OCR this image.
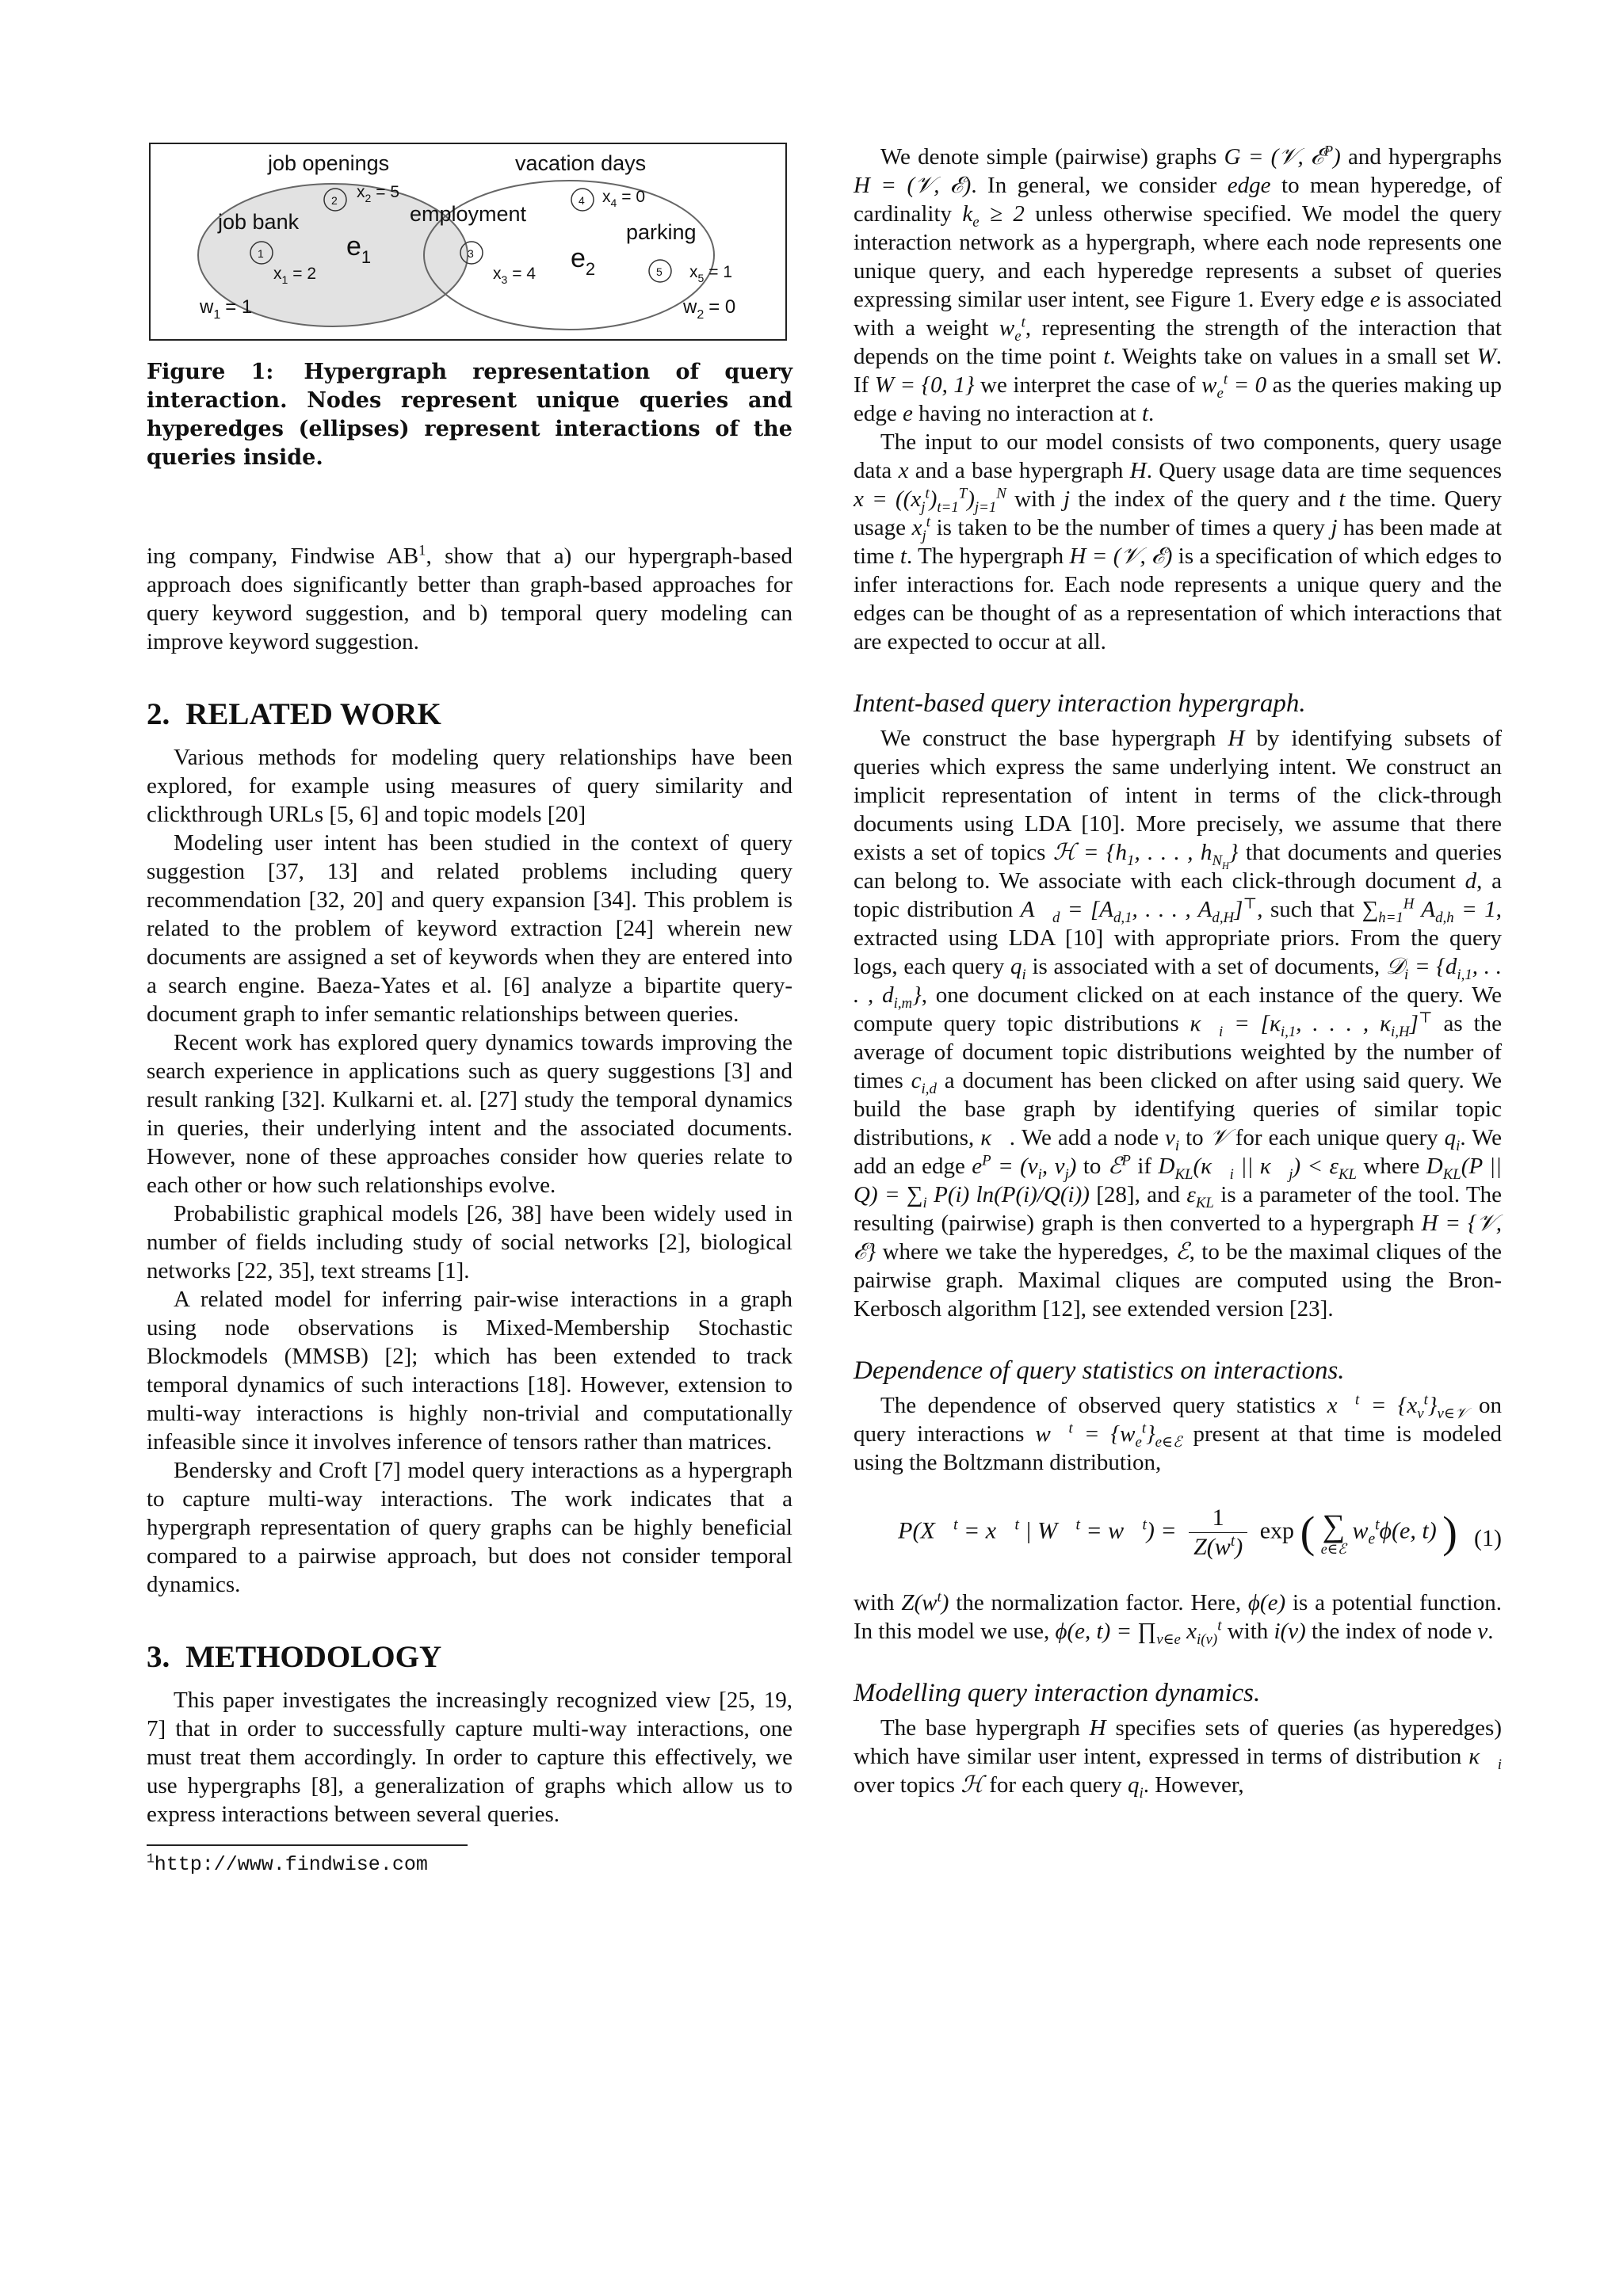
job openings	vacation days
job bank	employment
parking
2 $x_2 = 5$	4 $x_4 = 0$
1
$x_1 = 2$
3
$x_3 = 4$	5 $x_5 = 1$
$e_1$	$e_2$
$w_1 = 1$	$w_2 = 0$
Figure 1: Hypergraph representation of query interaction. Nodes represent unique queries and hyperedges (ellipses) represent interactions of the queries inside.

ing company, Findwise $AB^1$, show that a) our hypergraph-based approach does significantly better than graph-based approaches for query keyword suggestion, and b) temporal query modeling can improve keyword suggestion.

2. RELATED WORK

Various methods for modeling query relationships have been explored, for example using measures of query similarity and clickthrough URLs [5, 6] and topic models [20]

Modeling user intent has been studied in the context of query suggestion [37, 13] and related problems including query recommendation [32, 20] and query expansion [34]. This problem is related to the problem of keyword extraction [24] wherein new documents are assigned a set of keywords when they are entered into a search engine. Baeza-Yates et al. [6] analyze a bipartite query-document graph to infer semantic relationships between queries.

Recent work has explored query dynamics towards improving the search experience in applications such as query suggestions [3] and result ranking [32]. Kulkarni et. al. [27] study the temporal dynamics in queries, their underlying intent and the associated documents. However, none of these approaches consider how queries relate to each other or how such relationships evolve.

Probabilistic graphical models [26, 38] have been widely used in number of fields including study of social networks [2], biological networks [22, 35], text streams [1].

A related model for inferring pair-wise interactions in a graph using node observations is Mixed-Membership Stochastic Blockmodels (MMSB) [2]; which has been extended to track temporal dynamics of such interactions [18]. However, extension to multi-way interactions is highly non-trivial and computationally infeasible since it involves inference of tensors rather than matrices.

Bendersky and Croft [7] model query interactions as a hypergraph to capture multi-way interactions. The work indicates that a hypergraph representation of query graphs can be highly beneficial compared to a pairwise approach, but does not consider temporal dynamics.

3. METHODOLOGY

This paper investigates the increasingly recognized view [25, 19, 7] that in order to successfully capture multi-way interactions, one must treat them accordingly. In order to capture this effectively, we use hypergraphs [8], a generalization of graphs which allow us to express interactions between several queries.

$^1$http://www.findwise.com

We denote simple (pairwise) graphs G = (𝒱, ℰ$^P$) and hypergraphs H = (𝒱, ℰ). In general, we consider edge to mean hyperedge, of cardinality $k_e \ge 2$ unless otherwise specified. We model the query interaction network as a hypergraph, where each node represents one unique query, and each hyperedge represents a subset of queries expressing similar user intent, see Figure 1. Every edge e is associated with a weight $w_e^t$, representing the strength of the interaction that depends on the time point t. Weights take on values in a small set W. If W = {0, 1} we interpret the case of $w_e^t = 0$ as the queries making up edge e having no interaction at t.

The input to our model consists of two components, query usage data x and a base hypergraph H. Query usage data are time sequences $x = ((x_j^t)_{t=1}^T)_{j=1}^N$ with j the index of the query and t the time. Query usage $x_j^t$ is taken to be the number of times a query j has been made at time t. The hypergraph H = (𝒱, ℰ) is a specification of which edges to infer interactions for. Each node represents a unique query and the edges can be thought of as a representation of which interactions that are expected to occur at all.

Intent-based query interaction hypergraph.

We construct the base hypergraph H by identifying subsets of queries which express the same underlying intent. We construct an implicit representation of intent in terms of the click-through documents using LDA [10]. More precisely, we assume that there exists a set of topics ℋ = {$h_1$, . . . , $h_{N_H}$} that documents and queries can belong to. We associate with each click-through document d, a topic distribution $A⃗_d = [A_{d,1}$, . . . , $A_{d,H}]^⊤$, such that $\sum_{h=1}^H$ $A_{d,h} = 1$, extracted using LDA [10] with appropriate priors. From the query logs, each query $q_i$ is associated with a set of documents, 𝒟$_i$ = {$d_{i,1}$, . . . , $d_{i,m}$}, one document clicked on at each instance of the query. We compute query topic distributions $\kappa⃗_i = [\kappa_{i,1}$, . . . , $\kappa_{i,H}]^⊤$ as the average of document topic distributions weighted by the number of times $c_{i,d}$ a document has been clicked on after using said query. We build the base graph by identifying queries of similar topic distributions, κ⃗. We add a node $v_i$ to 𝒱 for each unique query $q_i$. We add an edge $e^P = (v_i$, $v_j$) to ℰ$^P$ if $D_{KL}(\kappa⃗_i$ || $\kappa⃗_j) < \varepsilon_{KL}$ where $D_{KL}(P$ || $Q) = \sum_i$ P(i) ln(P(i)/Q(i)) [28], and $\varepsilon_{KL}$ is a parameter of the tool. The resulting (pairwise) graph is then converted to a hypergraph H = {𝒱, ℰ} where we take the hyperedges, ℰ, to be the maximal cliques of the pairwise graph. Maximal cliques are computed using the Bron-Kerbosch algorithm [12], see extended version [23].

Dependence of query statistics on interactions.

The dependence of observed query statistics x⃗$^t$ = $\{x_v^t\}_{v\in 𝒱}$ on query interactions w⃗$^t$ = $\{w_e^t\}_{e\in ℰ}$ present at that time is modeled using the Boltzmann distribution,

P(X⃗$^t$ = x⃗$^t$ | W⃗$^t$ = w⃗$^t$) = $\frac{1}{Z(w^t)}$ exp ( ∑
e∈ℰ
$w_e^t\phi(e$, t) ) (1)

with $Z(w^t)$ the normalization factor. Here, ϕ(e) is a potential function. In this model we use, ϕ(e, $t) = \prod_{v\in e}$ $x_{i(v)}^t$ with i(v) the index of node v.

Modelling query interaction dynamics.

The base hypergraph H specifies sets of queries (as hyperedges) which have similar user intent, expressed in terms of distribution $\kappa⃗_i$ over topics ℋ for each query $q_i$. However,
